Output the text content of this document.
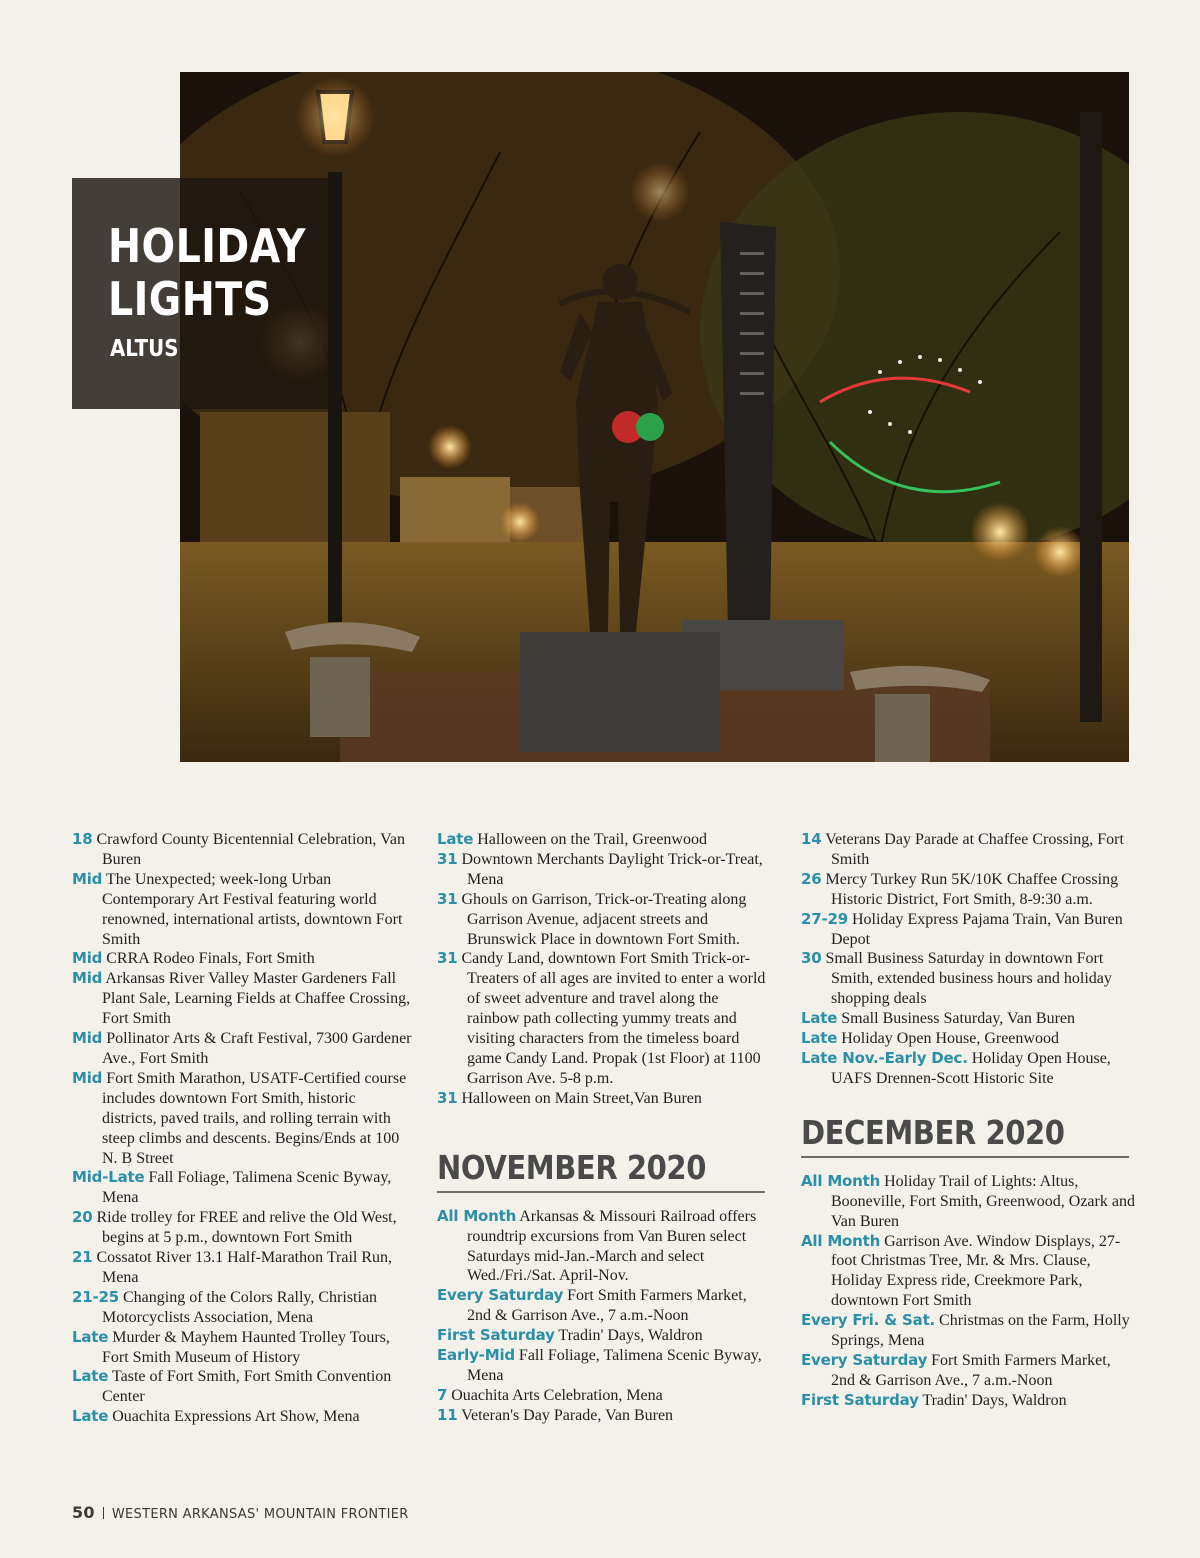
HOLIDAY
LIGHTS
ALTUS
18 Crawford County Bicentennial Celebration, Van Buren
Mid The Unexpected; week-long Urban Contemporary Art Festival featuring world renowned, international artists, downtown Fort Smith
Mid CRRA Rodeo Finals, Fort Smith
Mid Arkansas River Valley Master Gardeners Fall Plant Sale, Learning Fields at Chaffee Crossing, Fort Smith
Mid Pollinator Arts & Craft Festival, 7300 Gardener Ave., Fort Smith
Mid Fort Smith Marathon, USATF-Certified course includes downtown Fort Smith, historic districts, paved trails, and rolling terrain with steep climbs and descents. Begins/Ends at 100 N. B Street
Mid-Late Fall Foliage, Talimena Scenic Byway, Mena
20 Ride trolley for FREE and relive the Old West, begins at 5 p.m., downtown Fort Smith
21 Cossatot River 13.1 Half-Marathon Trail Run, Mena
21-25 Changing of the Colors Rally, Christian Motorcyclists Association, Mena
Late Murder & Mayhem Haunted Trolley Tours, Fort Smith Museum of History
Late Taste of Fort Smith, Fort Smith Convention Center
Late Ouachita Expressions Art Show, Mena
Late Halloween on the Trail, Greenwood
31 Downtown Merchants Daylight Trick-or-Treat, Mena
31 Ghouls on Garrison, Trick-or-Treating along Garrison Avenue, adjacent streets and Brunswick Place in downtown Fort Smith.
31 Candy Land, downtown Fort Smith Trick-or-Treaters of all ages are invited to enter a world of sweet adventure and travel along the rainbow path collecting yummy treats and visiting characters from the timeless board game Candy Land. Propak (1st Floor) at 1100 Garrison Ave. 5-8 p.m.
31 Halloween on Main Street,Van Buren
NOVEMBER 2020
All Month Arkansas & Missouri Railroad offers roundtrip excursions from Van Buren select Saturdays mid-Jan.-March and select Wed./Fri./Sat. April-Nov.
Every Saturday Fort Smith Farmers Market, 2nd & Garrison Ave., 7 a.m.-Noon
First Saturday Tradin' Days, Waldron
Early-Mid Fall Foliage, Talimena Scenic Byway, Mena
7 Ouachita Arts Celebration, Mena
11 Veteran's Day Parade, Van Buren
14 Veterans Day Parade at Chaffee Crossing, Fort Smith
26 Mercy Turkey Run 5K/10K Chaffee Crossing Historic District, Fort Smith, 8-9:30 a.m.
27-29 Holiday Express Pajama Train, Van Buren Depot
30 Small Business Saturday in downtown Fort Smith, extended business hours and holiday shopping deals
Late Small Business Saturday, Van Buren
Late Holiday Open House, Greenwood
Late Nov.-Early Dec. Holiday Open House, UAFS Drennen-Scott Historic Site
DECEMBER 2020
All Month Holiday Trail of Lights: Altus, Booneville, Fort Smith, Greenwood, Ozark and Van Buren
All Month Garrison Ave. Window Displays, 27-foot Christmas Tree, Mr. & Mrs. Clause, Holiday Express ride, Creekmore Park, downtown Fort Smith
Every Fri. & Sat. Christmas on the Farm, Holly Springs, Mena
Every Saturday Fort Smith Farmers Market, 2nd & Garrison Ave., 7 a.m.-Noon
First Saturday Tradin' Days, Waldron
50 WESTERN ARKANSAS' MOUNTAIN FRONTIER
